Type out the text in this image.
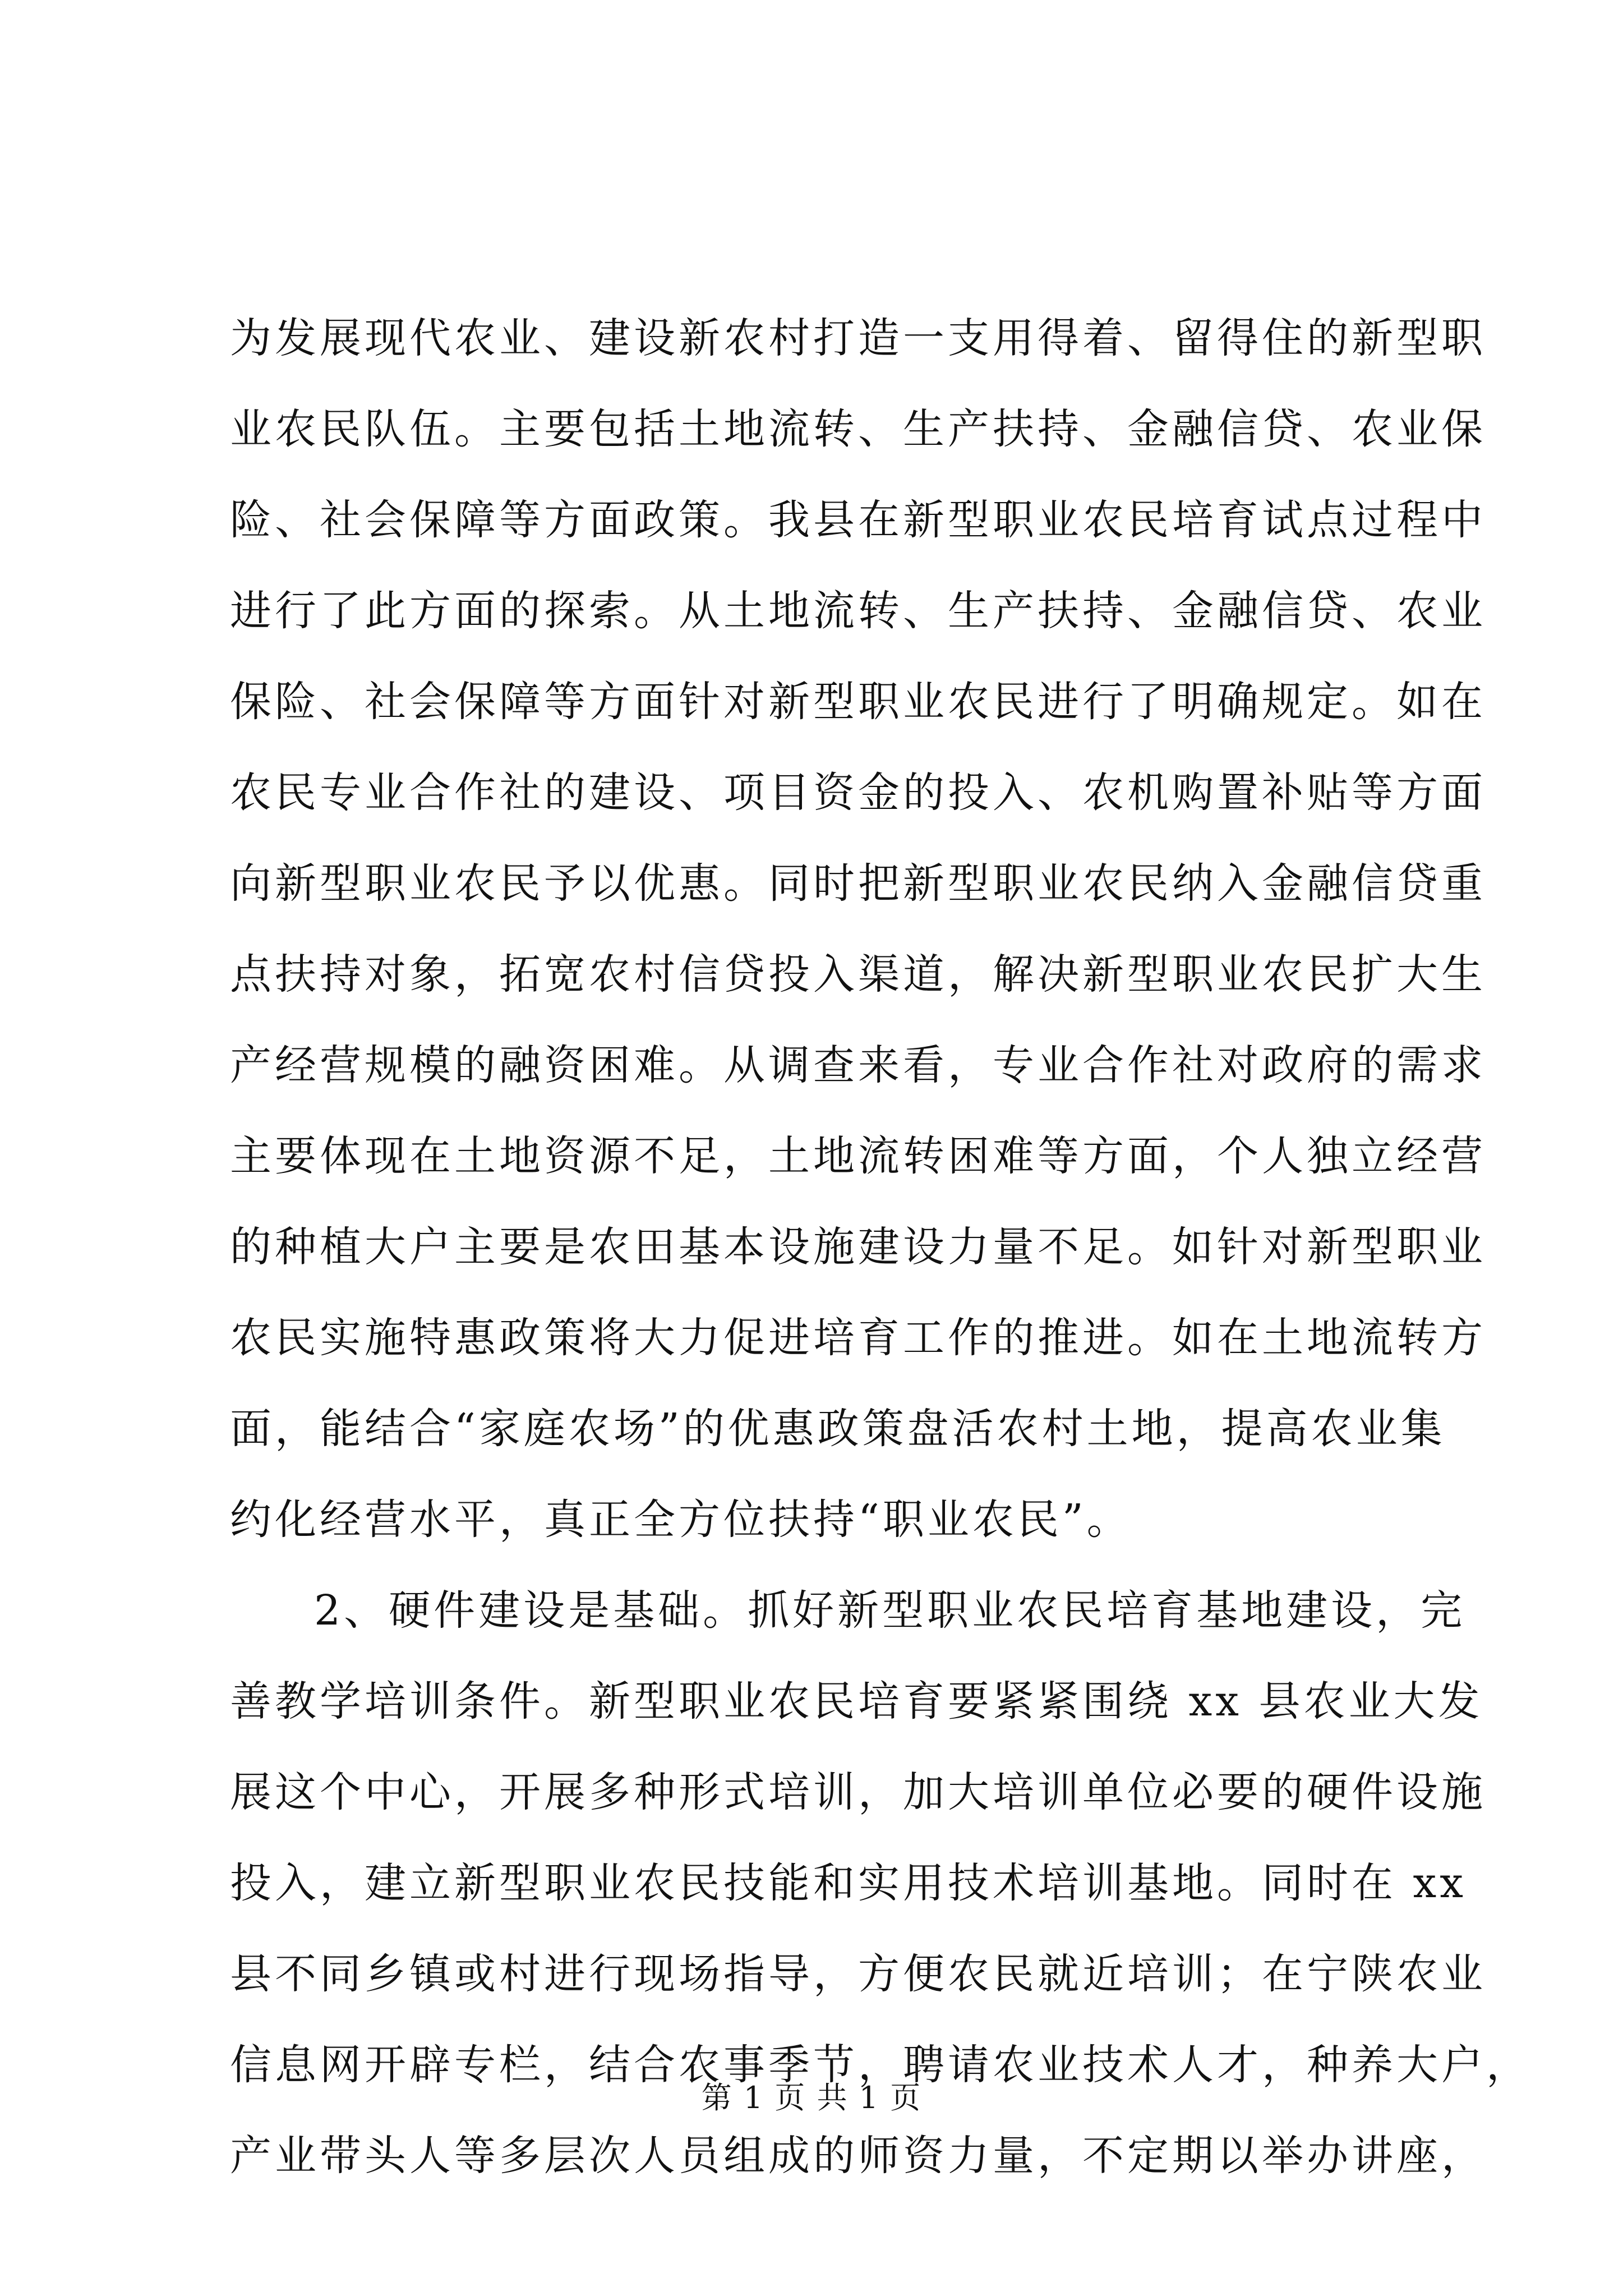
为发展现代农业、建设新农村打造一支用得着、留得住的新型职
业农民队伍。主要包括土地流转、生产扶持、金融信贷、农业保
险、社会保障等方面政策。我县在新型职业农民培育试点过程中
进行了此方面的探索。从土地流转、生产扶持、金融信贷、农业
保险、社会保障等方面针对新型职业农民进行了明确规定。如在
农民专业合作社的建设、项目资金的投入、农机购置补贴等方面
向新型职业农民予以优惠。同时把新型职业农民纳入金融信贷重
点扶持对象，拓宽农村信贷投入渠道，解决新型职业农民扩大生
产经营规模的融资困难。从调查来看，专业合作社对政府的需求
主要体现在土地资源不足，土地流转困难等方面，个人独立经营
的种植大户主要是农田基本设施建设力量不足。如针对新型职业
农民实施特惠政策将大力促进培育工作的推进。如在土地流转方
面，能结合“家庭农场”的优惠政策盘活农村土地，提高农业集
约化经营水平，真正全方位扶持“职业农民”。
2、硬件建设是基础。抓好新型职业农民培育基地建设，完
善教学培训条件。新型职业农民培育要紧紧围绕 xx 县农业大发
展这个中心，开展多种形式培训，加大培训单位必要的硬件设施
投入，建立新型职业农民技能和实用技术培训基地。同时在 xx
县不同乡镇或村进行现场指导，方便农民就近培训；在宁陕农业
信息网开辟专栏，结合农事季节，聘请农业技术人才，种养大户，
产业带头人等多层次人员组成的师资力量，不定期以举办讲座，
第 1 页 共 1 页
